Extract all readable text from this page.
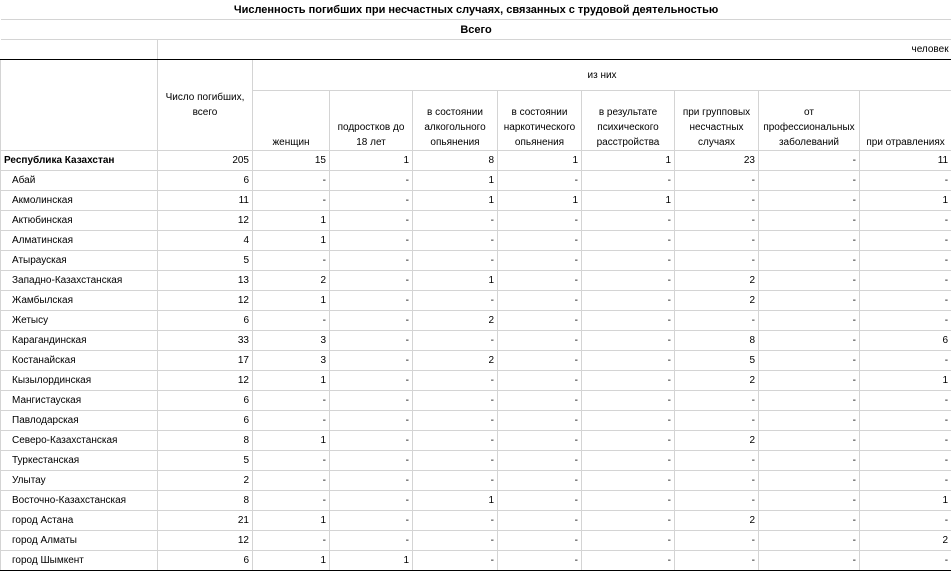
Численность погибших при несчастных случаях, связанных с трудовой деятельностью									
Всего									
	человек								
	Число погибших, всего	из них							
		женщин	подростков до 18 лет	в состоянии алкогольного опьянения	в состоянии наркотического опьянения	в результате психического расстройства	при групповых несчастных случаях	от профессиональных заболеваний	при отравлениях
Республика Казахстан	205	15	1	8	1	1	23	-	11
Абай	6	-	-	1	-	-	-	-	-
Акмолинская	11	-	-	1	1	1	-	-	1
Актюбинская	12	1	-	-	-	-	-	-	-
Алматинская	4	1	-	-	-	-	-	-	-
Атырауская	5	-	-	-	-	-	-	-	-
Западно-Казахстанская	13	2	-	1	-	-	2	-	-
Жамбылская	12	1	-	-	-	-	2	-	-
Жетысу	6	-	-	2	-	-	-	-	-
Карагандинская	33	3	-	-	-	-	8	-	6
Костанайская	17	3	-	2	-	-	5	-	-
Кызылординская	12	1	-	-	-	-	2	-	1
Мангистауская	6	-	-	-	-	-	-	-	-
Павлодарская	6	-	-	-	-	-	-	-	-
Северо-Казахстанская	8	1	-	-	-	-	2	-	-
Туркестанская	5	-	-	-	-	-	-	-	-
Улытау	2	-	-	-	-	-	-	-	-
Восточно-Казахстанская	8	-	-	1	-	-	-	-	1
город Астана	21	1	-	-	-	-	2	-	-
город Алматы	12	-	-	-	-	-	-	-	2
город Шымкент	6	1	1	-	-	-	-	-	-
